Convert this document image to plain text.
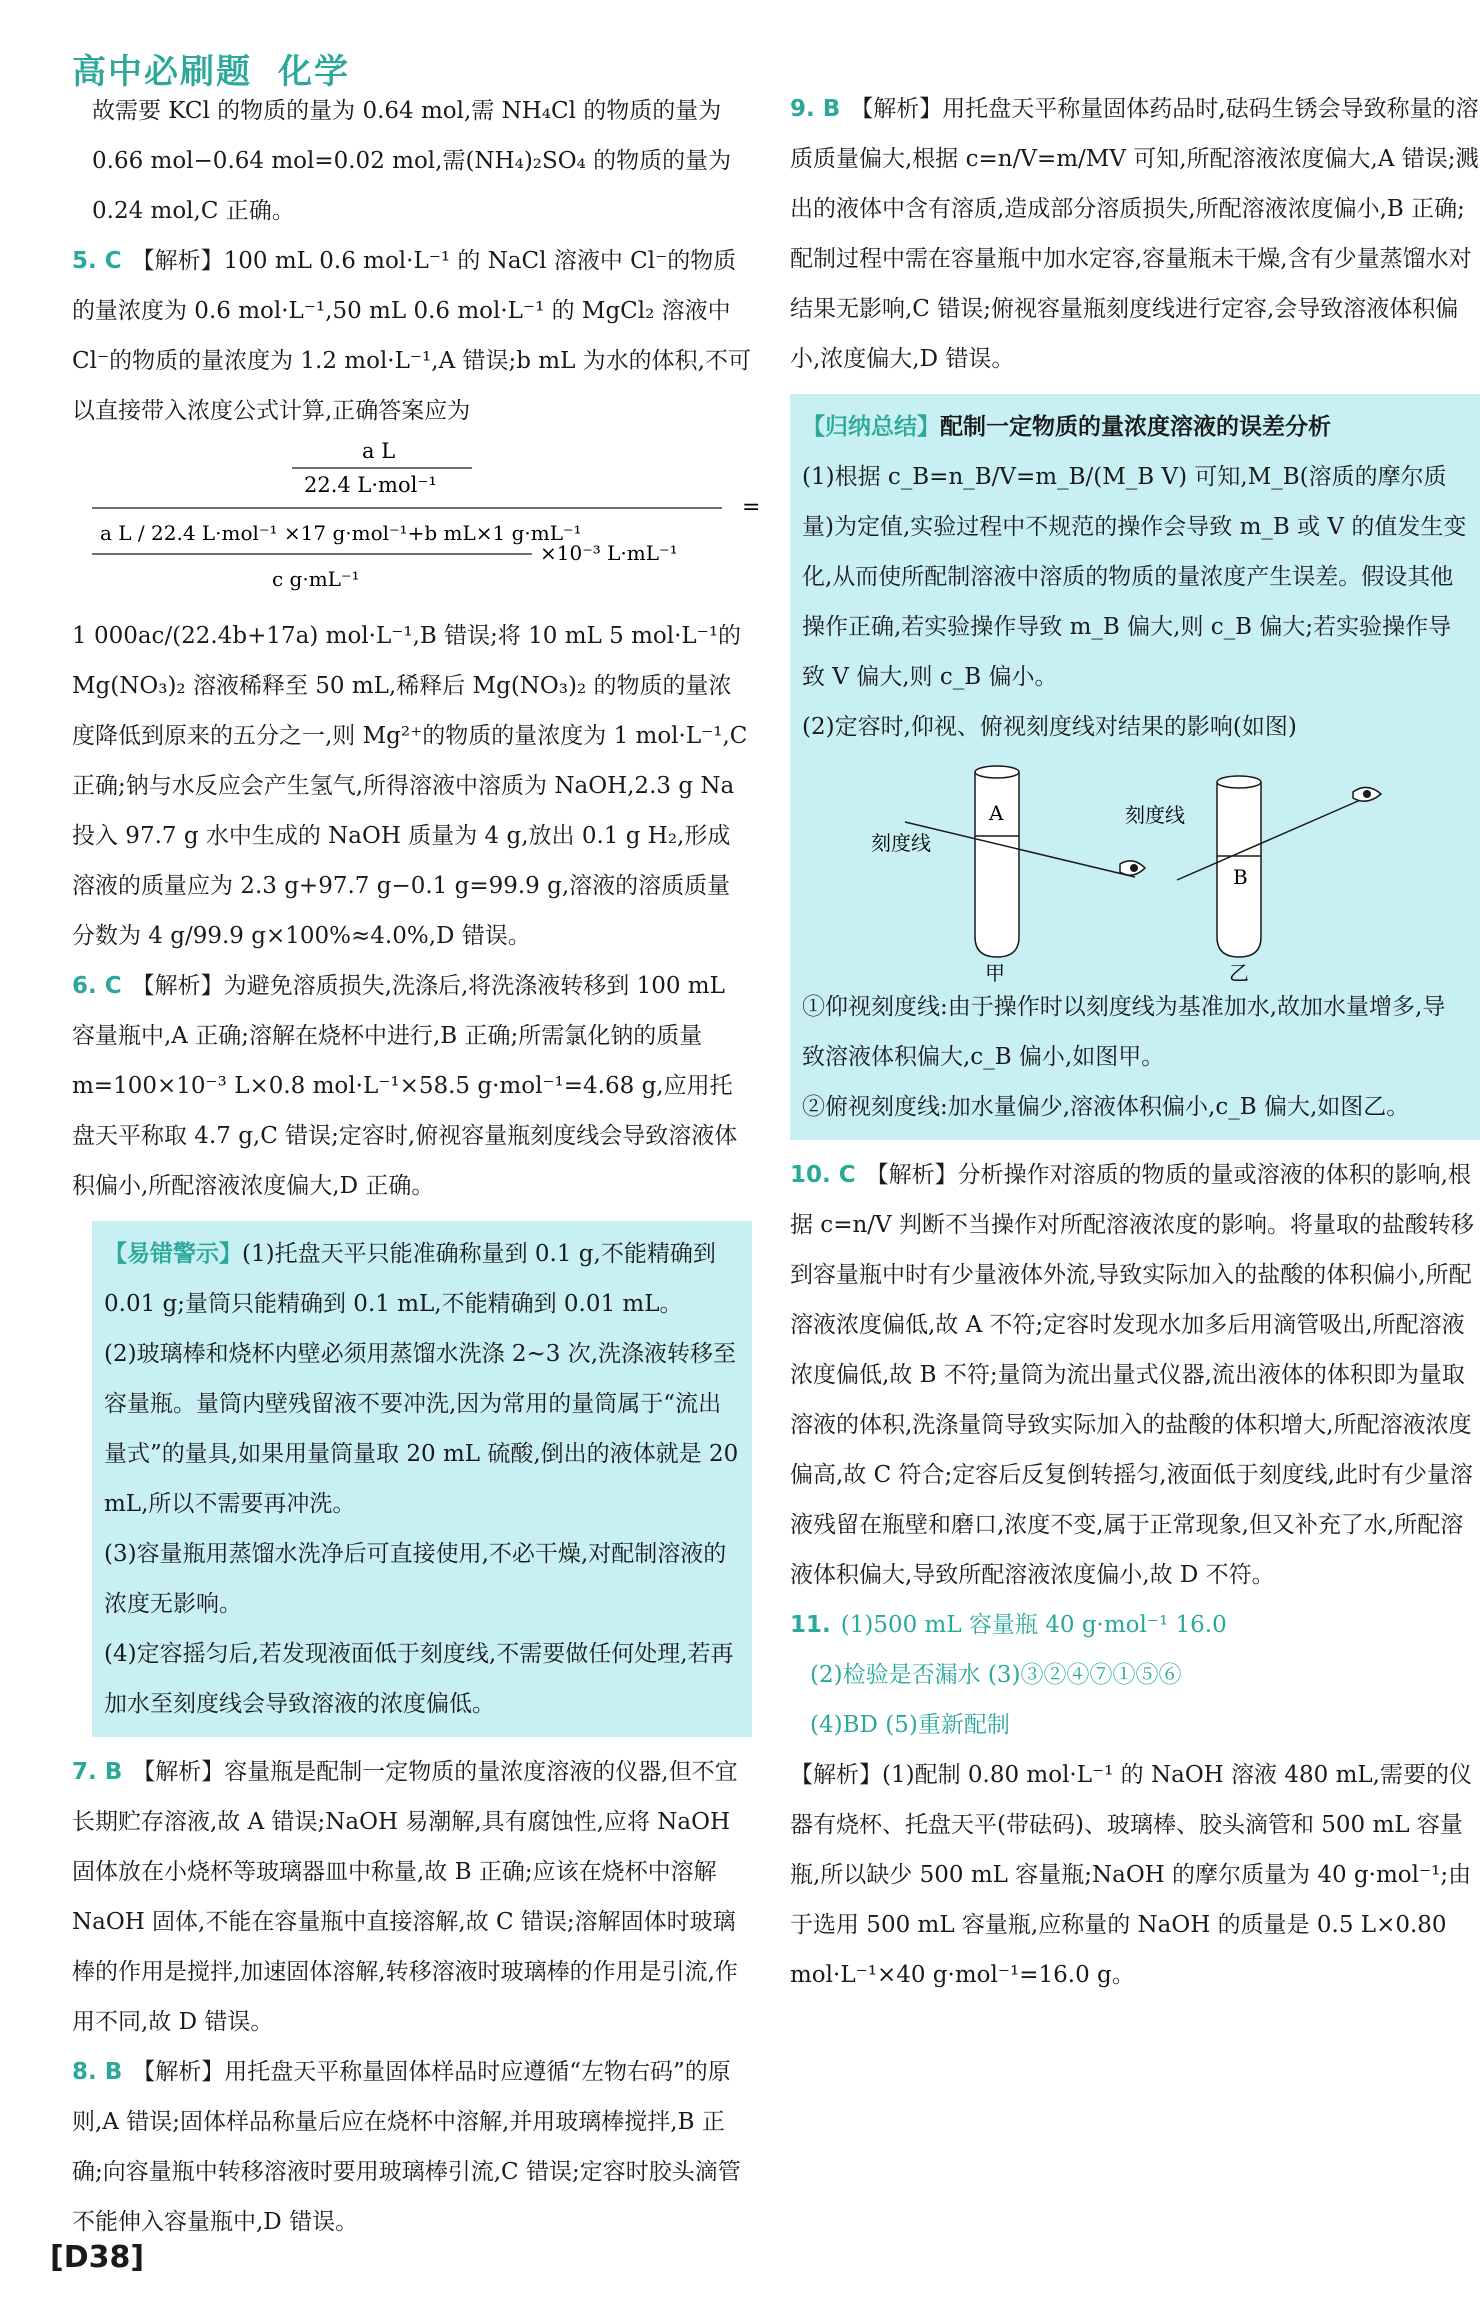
高中必刷题 化学

故需要 KCl 的物质的量为 0.64 mol,需 NH₄Cl 的物质的量为 0.66 mol−0.64 mol=0.02 mol,需(NH₄)₂SO₄ 的物质的量为 0.24 mol,C 正确。

5. C 【解析】100 mL 0.6 mol·L⁻¹ 的 NaCl 溶液中 Cl⁻的物质的量浓度为 0.6 mol·L⁻¹,50 mL 0.6 mol·L⁻¹ 的 MgCl₂ 溶液中 Cl⁻的物质的量浓度为 1.2 mol·L⁻¹,A 错误;b mL 为水的体积,不可以直接带入浓度公式计算,正确答案应为

a L
22.4 L·mol⁻¹
=
a L / 22.4 L·mol⁻¹ ×17 g·mol⁻¹+b mL×1 g·mL⁻¹
×10⁻³ L·mL⁻¹
c g·mL⁻¹

1 000ac/(22.4b+17a) mol·L⁻¹,B 错误;将 10 mL 5 mol·L⁻¹的 Mg(NO₃)₂ 溶液稀释至 50 mL,稀释后 Mg(NO₃)₂ 的物质的量浓度降低到原来的五分之一,则 Mg²⁺的物质的量浓度为 1 mol·L⁻¹,C 正确;钠与水反应会产生氢气,所得溶液中溶质为 NaOH,2.3 g Na 投入 97.7 g 水中生成的 NaOH 质量为 4 g,放出 0.1 g H₂,形成溶液的质量应为 2.3 g+97.7 g−0.1 g=99.9 g,溶液的溶质质量分数为 4 g/99.9 g×100%≈4.0%,D 错误。

6. C 【解析】为避免溶质损失,洗涤后,将洗涤液转移到 100 mL 容量瓶中,A 正确;溶解在烧杯中进行,B 正确;所需氯化钠的质量 m=100×10⁻³ L×0.8 mol·L⁻¹×58.5 g·mol⁻¹=4.68 g,应用托盘天平称取 4.7 g,C 错误;定容时,俯视容量瓶刻度线会导致溶液体积偏小,所配溶液浓度偏大,D 正确。

【易错警示】(1)托盘天平只能准确称量到 0.1 g,不能精确到 0.01 g;量筒只能精确到 0.1 mL,不能精确到 0.01 mL。

(2)玻璃棒和烧杯内壁必须用蒸馏水洗涤 2~3 次,洗涤液转移至容量瓶。量筒内壁残留液不要冲洗,因为常用的量筒属于“流出量式”的量具,如果用量筒量取 20 mL 硫酸,倒出的液体就是 20 mL,所以不需要再冲洗。

(3)容量瓶用蒸馏水洗净后可直接使用,不必干燥,对配制溶液的浓度无影响。

(4)定容摇匀后,若发现液面低于刻度线,不需要做任何处理,若再加水至刻度线会导致溶液的浓度偏低。

7. B 【解析】容量瓶是配制一定物质的量浓度溶液的仪器,但不宜长期贮存溶液,故 A 错误;NaOH 易潮解,具有腐蚀性,应将 NaOH 固体放在小烧杯等玻璃器皿中称量,故 B 正确;应该在烧杯中溶解 NaOH 固体,不能在容量瓶中直接溶解,故 C 错误;溶解固体时玻璃棒的作用是搅拌,加速固体溶解,转移溶液时玻璃棒的作用是引流,作用不同,故 D 错误。

8. B 【解析】用托盘天平称量固体样品时应遵循“左物右码”的原则,A 错误;固体样品称量后应在烧杯中溶解,并用玻璃棒搅拌,B 正确;向容量瓶中转移溶液时要用玻璃棒引流,C 错误;定容时胶头滴管不能伸入容量瓶中,D 错误。

9. B 【解析】用托盘天平称量固体药品时,砝码生锈会导致称量的溶质质量偏大,根据 c=n/V=m/MV 可知,所配溶液浓度偏大,A 错误;溅出的液体中含有溶质,造成部分溶质损失,所配溶液浓度偏小,B 正确;配制过程中需在容量瓶中加水定容,容量瓶未干燥,含有少量蒸馏水对结果无影响,C 错误;俯视容量瓶刻度线进行定容,会导致溶液体积偏小,浓度偏大,D 错误。

【归纳总结】配制一定物质的量浓度溶液的误差分析

(1)根据 c_B=n_B/V=m_B/(M_B V) 可知,M_B(溶质的摩尔质量)为定值,实验过程中不规范的操作会导致 m_B 或 V 的值发生变化,从而使所配制溶液中溶质的物质的量浓度产生误差。假设其他操作正确,若实验操作导致 m_B 偏大,则 c_B 偏大;若实验操作导致 V 偏大,则 c_B 偏小。

(2)定容时,仰视、俯视刻度线对结果的影响(如图)

A
刻度线
甲
B
刻度线
乙

①仰视刻度线:由于操作时以刻度线为基准加水,故加水量增多,导致溶液体积偏大,c_B 偏小,如图甲。

②俯视刻度线:加水量偏少,溶液体积偏小,c_B 偏大,如图乙。

10. C 【解析】分析操作对溶质的物质的量或溶液的体积的影响,根据 c=n/V 判断不当操作对所配溶液浓度的影响。将量取的盐酸转移到容量瓶中时有少量液体外流,导致实际加入的盐酸的体积偏小,所配溶液浓度偏低,故 A 不符;定容时发现水加多后用滴管吸出,所配溶液浓度偏低,故 B 不符;量筒为流出量式仪器,流出液体的体积即为量取溶液的体积,洗涤量筒导致实际加入的盐酸的体积增大,所配溶液浓度偏高,故 C 符合;定容后反复倒转摇匀,液面低于刻度线,此时有少量溶液残留在瓶壁和磨口,浓度不变,属于正常现象,但又补充了水,所配溶液体积偏大,导致所配溶液浓度偏小,故 D 不符。

11. (1)500 mL 容量瓶 40 g·mol⁻¹ 16.0

(2)检验是否漏水 (3)③②④⑦①⑤⑥

(4)BD (5)重新配制

【解析】(1)配制 0.80 mol·L⁻¹ 的 NaOH 溶液 480 mL,需要的仪器有烧杯、托盘天平(带砝码)、玻璃棒、胶头滴管和 500 mL 容量瓶,所以缺少 500 mL 容量瓶;NaOH 的摩尔质量为 40 g·mol⁻¹;由于选用 500 mL 容量瓶,应称量的 NaOH 的质量是 0.5 L×0.80 mol·L⁻¹×40 g·mol⁻¹=16.0 g。

[D38]
